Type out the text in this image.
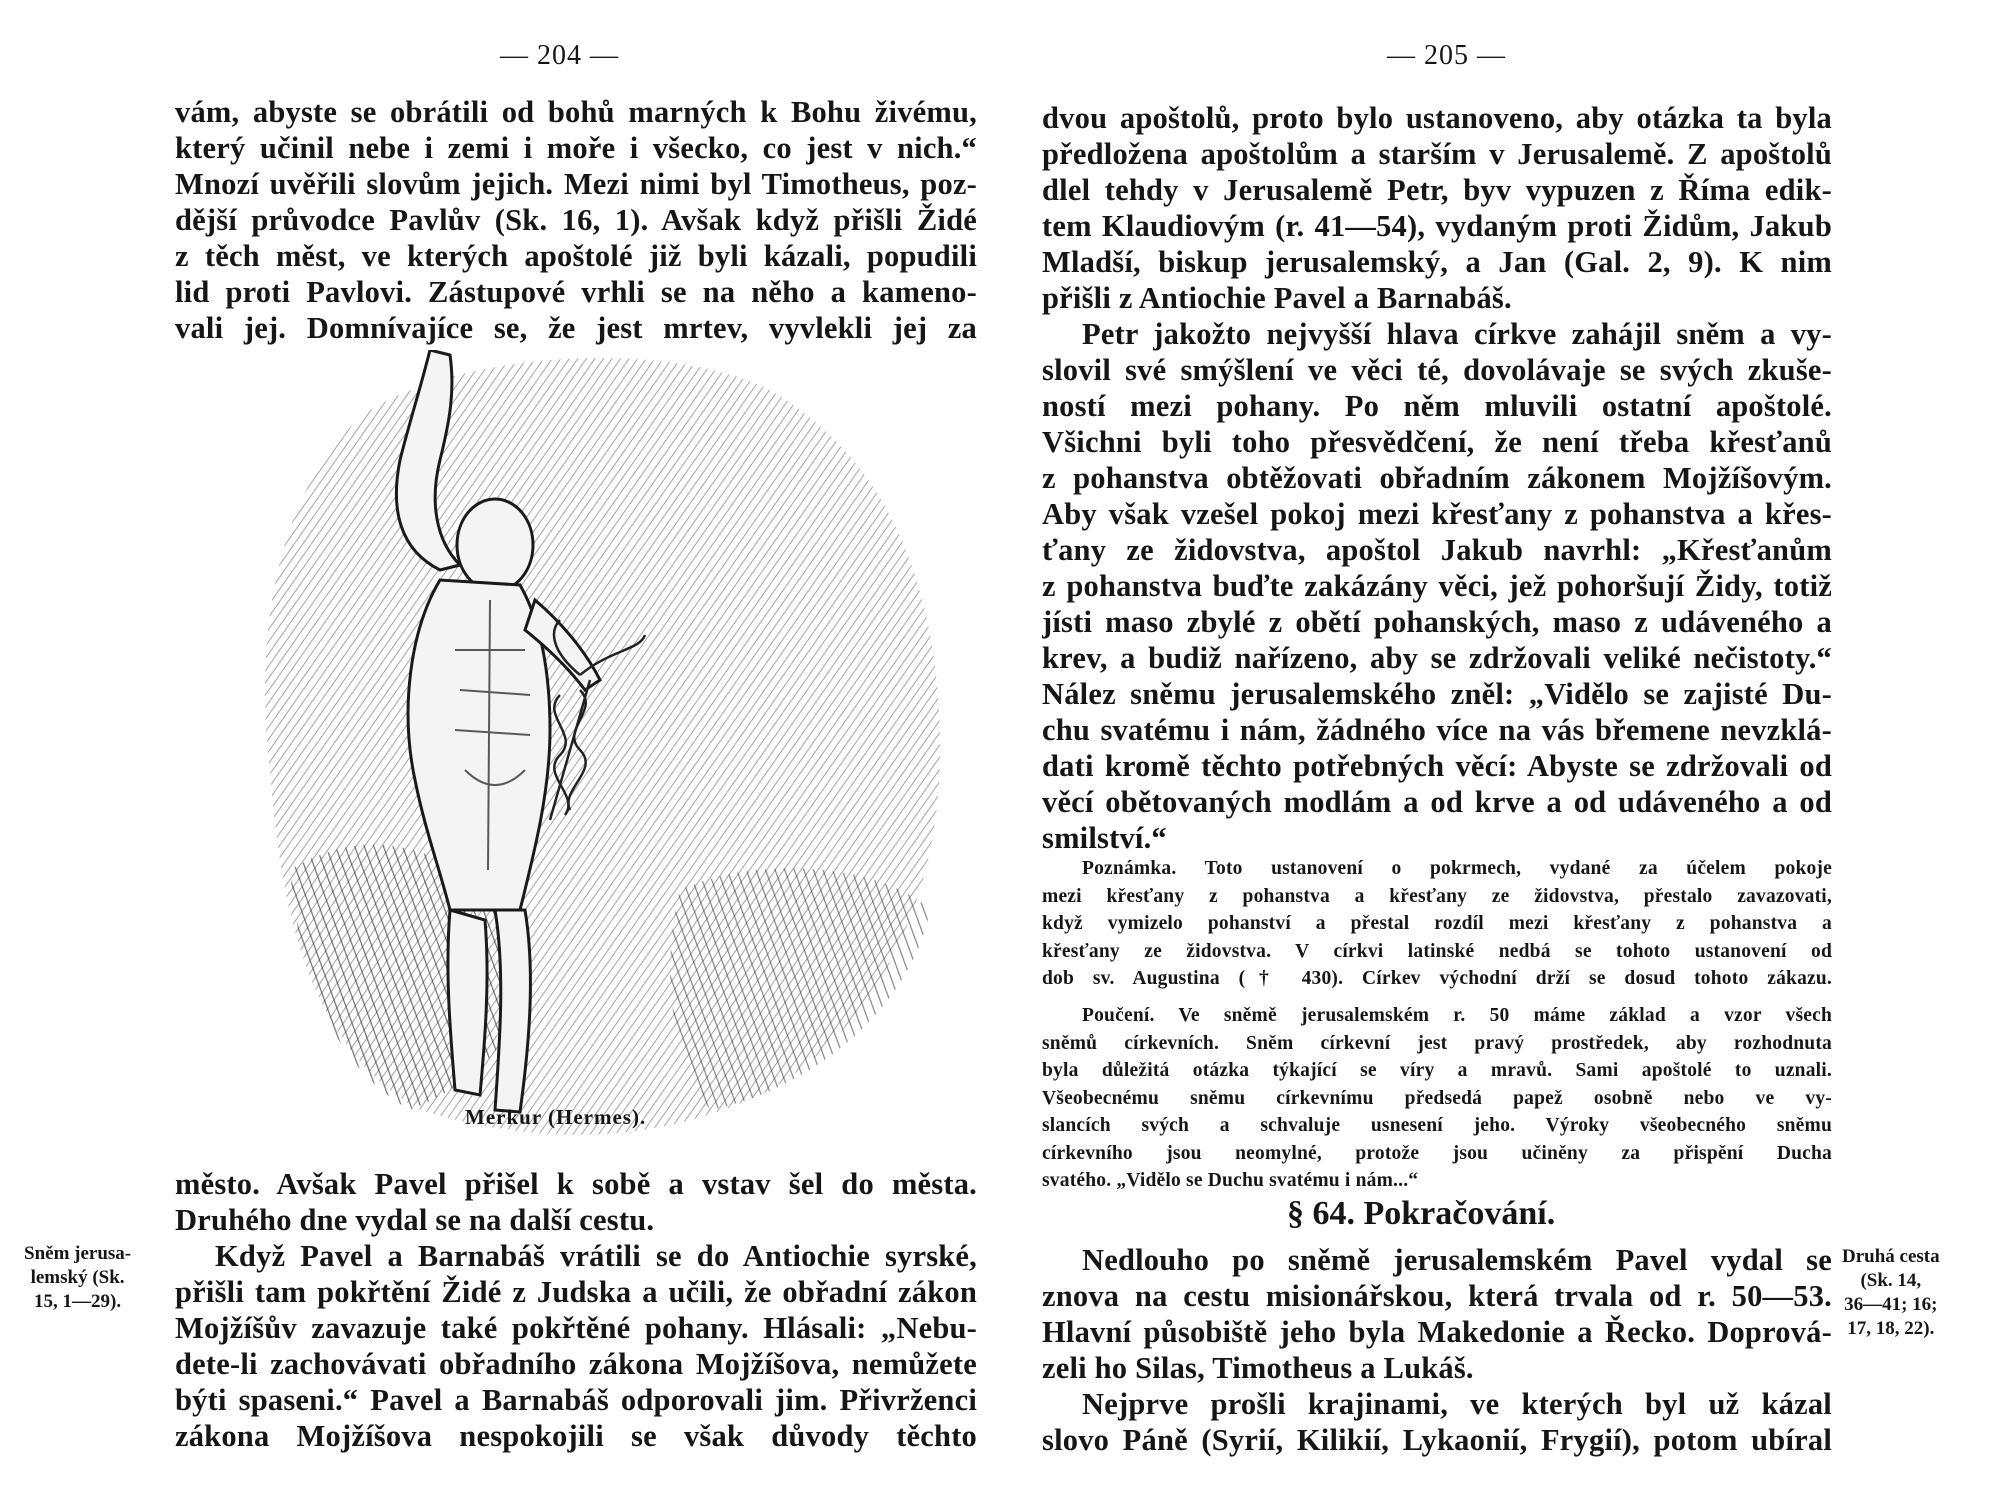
— 204 —
vám, abyste se obrátili od bohů marných k Bohu živému,
který učinil nebe i zemi i moře i všecko, co jest v nich.“
Mnozí uvěřili slovům jejich. Mezi nimi byl Timotheus, poz-
dější průvodce Pavlův (Sk. 16, 1). Avšak když přišli Židé
z těch měst, ve kterých apoštolé již byli kázali, popudili
lid proti Pavlovi. Zástupové vrhli se na něho a kameno-
vali jej. Domnívajíce se, že jest mrtev, vyvlekli jej za
Merkur (Hermes).
město. Avšak Pavel přišel k sobě a vstav šel do města.
Druhého dne vydal se na další cestu.
Když Pavel a Barnabáš vrátili se do Antiochie syrské,
přišli tam pokřtění Židé z Judska a učili, že obřadní zákon
Mojžíšův zavazuje také pokřtěné pohany. Hlásali: „Nebu-
dete-li zachovávati obřadního zákona Mojžíšova, nemůžete
býti spaseni.“ Pavel a Barnabáš odporovali jim. Přivrženci
zákona Mojžíšova nespokojili se však důvody těchto
Sněm jerusa-
lemský (Sk.
15, 1—29).
— 205 —
dvou apoštolů, proto bylo ustanoveno, aby otázka ta byla
předložena apoštolům a starším v Jerusalemě. Z apoštolů
dlel tehdy v Jerusalemě Petr, byv vypuzen z Říma edik-
tem Klaudiovým (r. 41—54), vydaným proti Židům, Jakub
Mladší, biskup jerusalemský, a Jan (Gal. 2, 9). K nim
přišli z Antiochie Pavel a Barnabáš.
Petr jakožto nejvyšší hlava církve zahájil sněm a vy-
slovil své smýšlení ve věci té, dovolávaje se svých zkuše-
ností mezi pohany. Po něm mluvili ostatní apoštolé.
Všichni byli toho přesvědčení, že není třeba křesťanů
z pohanstva obtěžovati obřadním zákonem Mojžíšovým.
Aby však vzešel pokoj mezi křesťany z pohanstva a křes-
ťany ze židovstva, apoštol Jakub navrhl: „Křesťanům
z pohanstva buďte zakázány věci, jež pohoršují Židy, totiž
jísti maso zbylé z obětí pohanských, maso z udáveného a
krev, a budiž nařízeno, aby se zdržovali veliké nečistoty.“
Nález sněmu jerusalemského zněl: „Vidělo se zajisté Du-
chu svatému i nám, žádného více na vás břemene nevzklá-
dati kromě těchto potřebných věcí: Abyste se zdržovali od
věcí obětovaných modlám a od krve a od udáveného a od
smilství.“
Poznámka. Toto ustanovení o pokrmech, vydané za účelem pokoje
mezi křesťany z pohanstva a křesťany ze židovstva, přestalo zavazovati,
když vymizelo pohanství a přestal rozdíl mezi křesťany z pohanstva a
křesťany ze židovstva. V církvi latinské nedbá se tohoto ustanovení od
dob sv. Augustina († 430). Církev východní drží se dosud tohoto zákazu.
Poučení. Ve sněmě jerusalemském r. 50 máme základ a vzor všech
sněmů církevních. Sněm církevní jest pravý prostředek, aby rozhodnuta
byla důležitá otázka týkající se víry a mravů. Sami apoštolé to uznali.
Všeobecnému sněmu církevnímu předsedá papež osobně nebo ve vy-
slancích svých a schvaluje usnesení jeho. Výroky všeobecného sněmu
církevního jsou neomylné, protože jsou učiněny za přispění Ducha
svatého. „Vidělo se Duchu svatému i nám...“
§ 64. Pokračování.
Nedlouho po sněmě jerusalemském Pavel vydal se
znova na cestu misionářskou, která trvala od r. 50—53.
Hlavní působiště jeho byla Makedonie a Řecko. Doprová-
zeli ho Silas, Timotheus a Lukáš.
Nejprve prošli krajinami, ve kterých byl už kázal
slovo Páně (Syrií, Kilikií, Lykaonií, Frygií), potom ubíral
Druhá cesta
(Sk. 14,
36—41; 16;
17, 18, 22).
